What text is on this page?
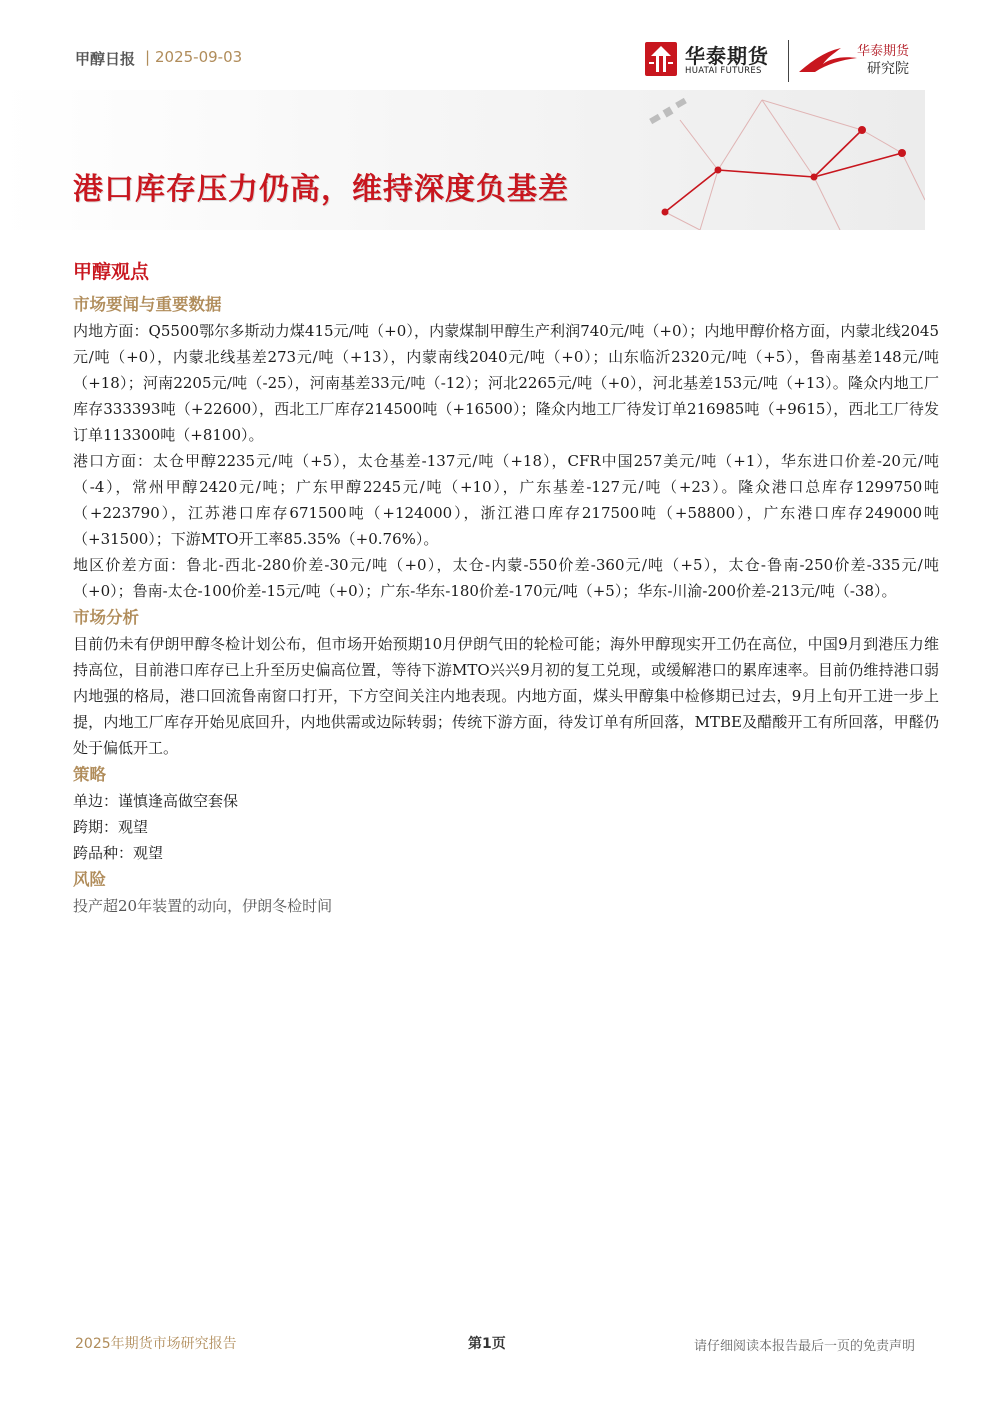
甲醇日报 | 2025-09-03	华泰期货
HUATAI FUTURES
华泰期货
研究院
港口库存压力仍高，维持深度负基差
甲醇观点
市场要闻与重要数据

内地方面：Q5500鄂尔多斯动力煤415元/吨（+0），内蒙煤制甲醇生产利润740元/吨（+0）；内地甲醇价格方面，内蒙北线2045元/吨（+0），内蒙北线基差273元/吨（+13），内蒙南线2040元/吨（+0）；山东临沂2320元/吨（+5），鲁南基差148元/吨（+18）；河南2205元/吨（-25），河南基差33元/吨（-12）；河北2265元/吨（+0），河北基差153元/吨（+13）。隆众内地工厂库存333393吨（+22600），西北工厂库存214500吨（+16500）；隆众内地工厂待发订单216985吨（+9615），西北工厂待发订单113300吨（+8100）。

港口方面：太仓甲醇2235元/吨（+5），太仓基差-137元/吨（+18），CFR中国257美元/吨（+1），华东进口价差-20元/吨（-4），常州甲醇2420元/吨；广东甲醇2245元/吨（+10），广东基差-127元/吨（+23）。隆众港口总库存1299750吨（+223790），江苏港口库存671500吨（+124000），浙江港口库存217500吨（+58800），广东港口库存249000吨（+31500）；下游MTO开工率85.35%（+0.76%）。

地区价差方面：鲁北-西北-280价差-30元/吨（+0），太仓-内蒙-550价差-360元/吨（+5），太仓-鲁南-250价差-335元/吨（+0）；鲁南-太仓-100价差-15元/吨（+0）；广东-华东-180价差-170元/吨（+5）；华东-川渝-200价差-213元/吨（-38）。

市场分析

目前仍未有伊朗甲醇冬检计划公布，但市场开始预期10月伊朗气田的轮检可能；海外甲醇现实开工仍在高位，中国9月到港压力维持高位，目前港口库存已上升至历史偏高位置，等待下游MTO兴兴9月初的复工兑现，或缓解港口的累库速率。目前仍维持港口弱内地强的格局，港口回流鲁南窗口打开，下方空间关注内地表现。内地方面，煤头甲醇集中检修期已过去，9月上旬开工进一步上提，内地工厂库存开始见底回升，内地供需或边际转弱；传统下游方面，待发订单有所回落，MTBE及醋酸开工有所回落，甲醛仍处于偏低开工。

策略

单边：谨慎逢高做空套保

跨期：观望

跨品种：观望

风险

投产超20年装置的动向，伊朗冬检时间

2025年期货市场研究报告	第1页	请仔细阅读本报告最后一页的免责声明
